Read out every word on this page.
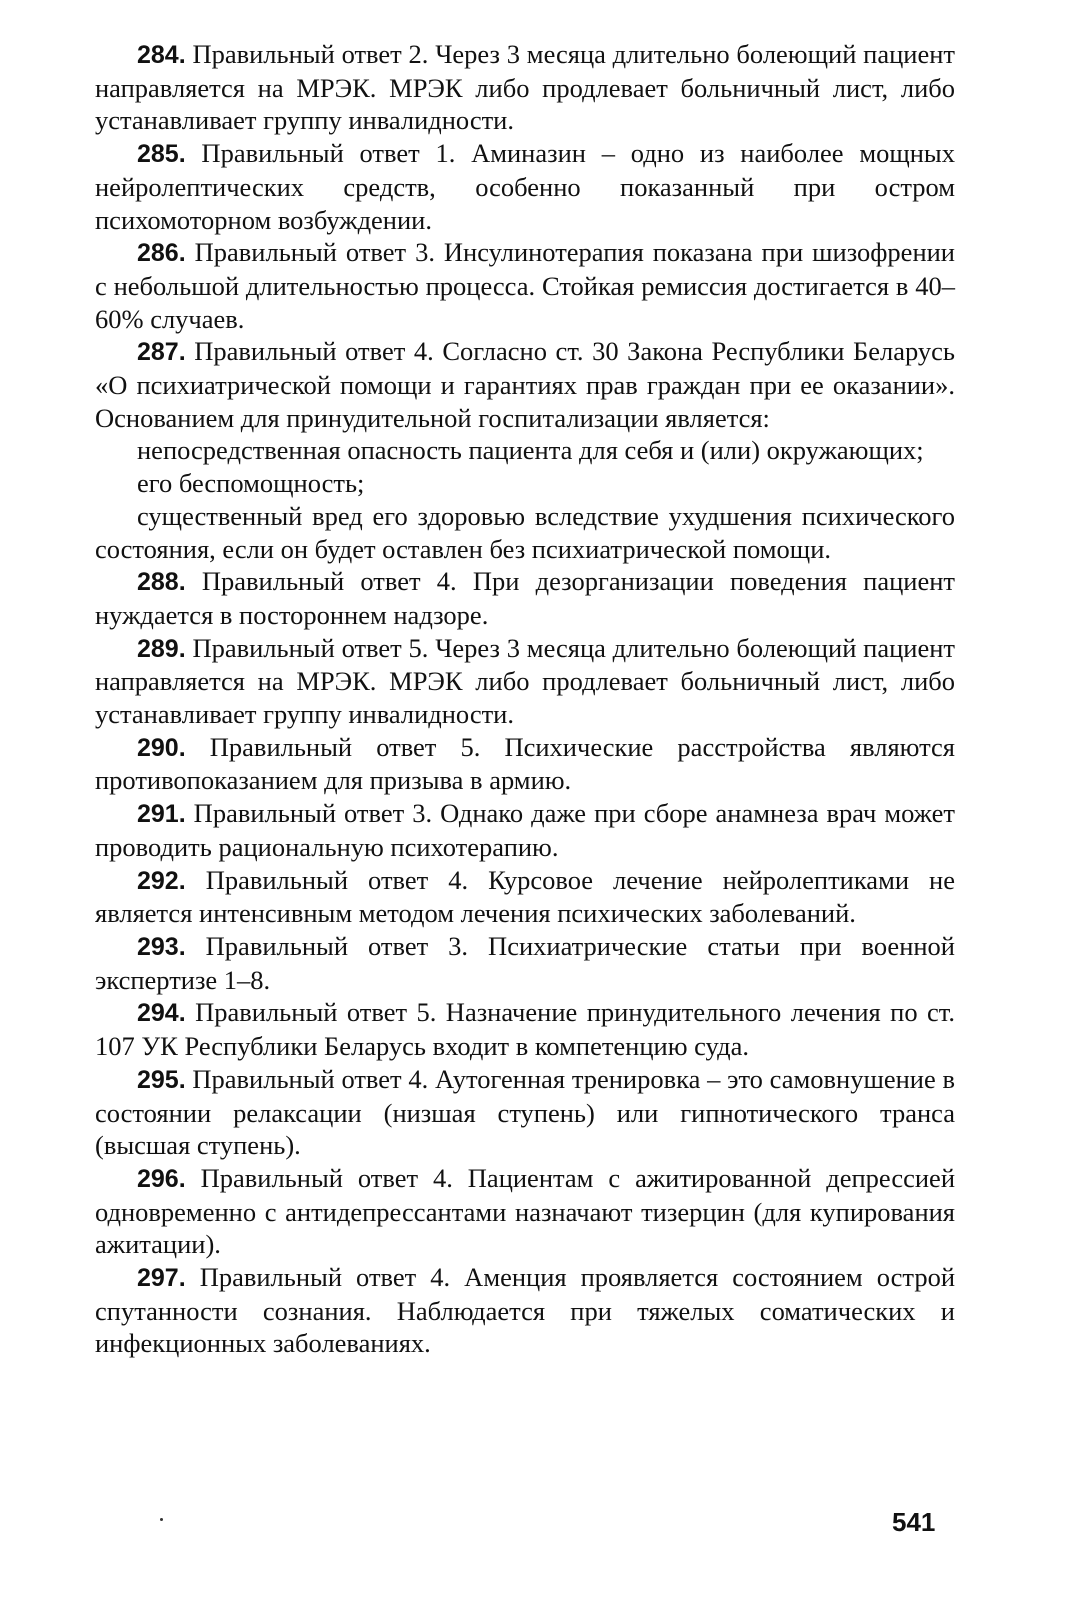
284. Правильный ответ 2. Через 3 месяца длительно болеющий пациент направляется на МРЭК. МРЭК либо продлевает больничный лист, либо устанавливает группу инвалидности.

285. Правильный ответ 1. Аминазин – одно из наиболее мощных нейролептических средств, особенно показанный при остром психомоторном возбуждении.

286. Правильный ответ 3. Инсулинотерапия показана при шизофрении с небольшой длительностью процесса. Стойкая ремиссия достигается в 40–60% случаев.

287. Правильный ответ 4. Согласно ст. 30 Закона Республики Беларусь «О психиатрической помощи и гарантиях прав граждан при ее оказании». Основанием для принудительной госпитализации является:

непосредственная опасность пациента для себя и (или) окружающих;

его беспомощность;

существенный вред его здоровью вследствие ухудшения психического состояния, если он будет оставлен без психиатрической помощи.

288. Правильный ответ 4. При дезорганизации поведения пациент нуждается в постороннем надзоре.

289. Правильный ответ 5. Через 3 месяца длительно болеющий пациент направляется на МРЭК. МРЭК либо продлевает больничный лист, либо устанавливает группу инвалидности.

290. Правильный ответ 5. Психические расстройства являются противопоказанием для призыва в армию.

291. Правильный ответ 3. Однако даже при сборе анамнеза врач может проводить рациональную психотерапию.

292. Правильный ответ 4. Курсовое лечение нейролептиками не является интенсивным методом лечения психических заболеваний.

293. Правильный ответ 3. Психиатрические статьи при военной экспертизе 1–8.

294. Правильный ответ 5. Назначение принудительного лечения по ст. 107 УК Республики Беларусь входит в компетенцию суда.

295. Правильный ответ 4. Аутогенная тренировка – это самовнушение в состоянии релаксации (низшая ступень) или гипнотического транса (высшая ступень).

296. Правильный ответ 4. Пациентам с ажитированной депрессией одновременно с антидепрессантами назначают тизерцин (для купирования ажитации).

297. Правильный ответ 4. Аменция проявляется состоянием острой спутанности сознания. Наблюдается при тяжелых соматических и инфекционных заболеваниях.

541
